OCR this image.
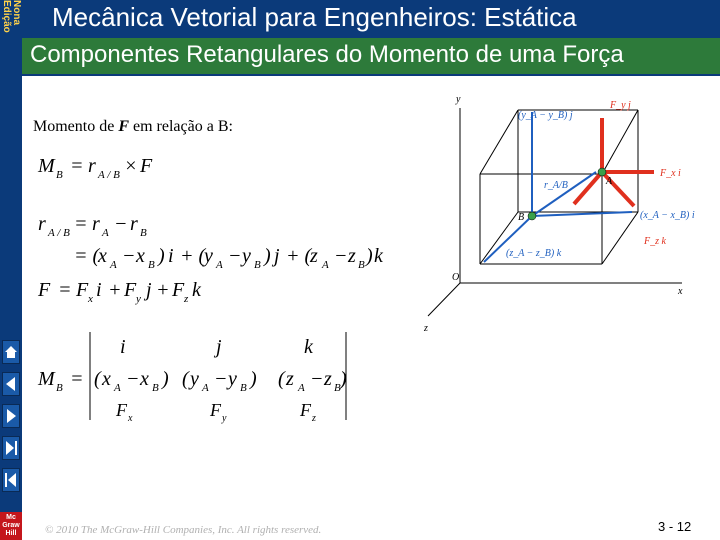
Nona Edição
Mc Graw Hill
Mecânica Vetorial para Engenheiros: Estática
Componentes Retangulares do Momento de uma Força
Momento de F em relação a B:
M B = r A / B × F
r A / B = r A − r B
= (
x A − x B ) i + (
y A − y B ) j + (
z A − z B ) k
F = F x i + F y j + F z k
M B =
i	j	k
( x A − x B ) ( y A − y B ) ( z A − z B )
F x	F y	F z
y
x
z
O
A
B
r_A/B
F_y j
F_x i
F_z k
(y_A − y_B) j
(x_A − x_B) i
(z_A − z_B) k
© 2010 The McGraw-Hill Companies, Inc. All rights reserved.	3 - 12
